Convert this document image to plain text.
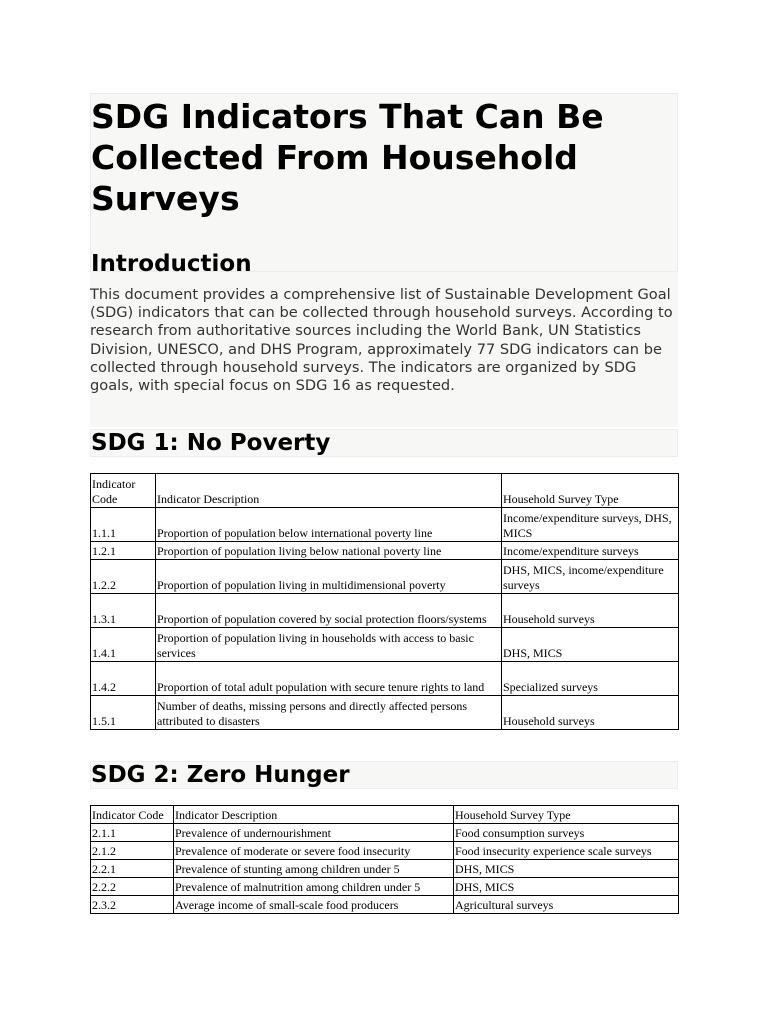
SDG Indicators That Can Be Collected From Household Surveys
Introduction

This document provides a comprehensive list of Sustainable Development Goal (SDG) indicators that can be collected through household surveys. According to research from authoritative sources including the World Bank, UN Statistics Division, UNESCO, and DHS Program, approximately 77 SDG indicators can be collected through household surveys. The indicators are organized by SDG goals, with special focus on SDG 16 as requested.

SDG 1: No Poverty
Indicator Code	Indicator Description	Household Survey Type
1.1.1	Proportion of population below international poverty line	Income/expenditure surveys, DHS, MICS
1.2.1	Proportion of population living below national poverty line	Income/expenditure surveys
1.2.2	Proportion of population living in multidimensional poverty	DHS, MICS, income/expenditure surveys
1.3.1	Proportion of population covered by social protection floors/systems	Household surveys
1.4.1	Proportion of population living in households with access to basic services	DHS, MICS
1.4.2	Proportion of total adult population with secure tenure rights to land	Specialized surveys
1.5.1	Number of deaths, missing persons and directly affected persons attributed to disasters	Household surveys
SDG 2: Zero Hunger
Indicator Code	Indicator Description	Household Survey Type
2.1.1	Prevalence of undernourishment	Food consumption surveys
2.1.2	Prevalence of moderate or severe food insecurity	Food insecurity experience scale surveys
2.2.1	Prevalence of stunting among children under 5	DHS, MICS
2.2.2	Prevalence of malnutrition among children under 5	DHS, MICS
2.3.2	Average income of small-scale food producers	Agricultural surveys
